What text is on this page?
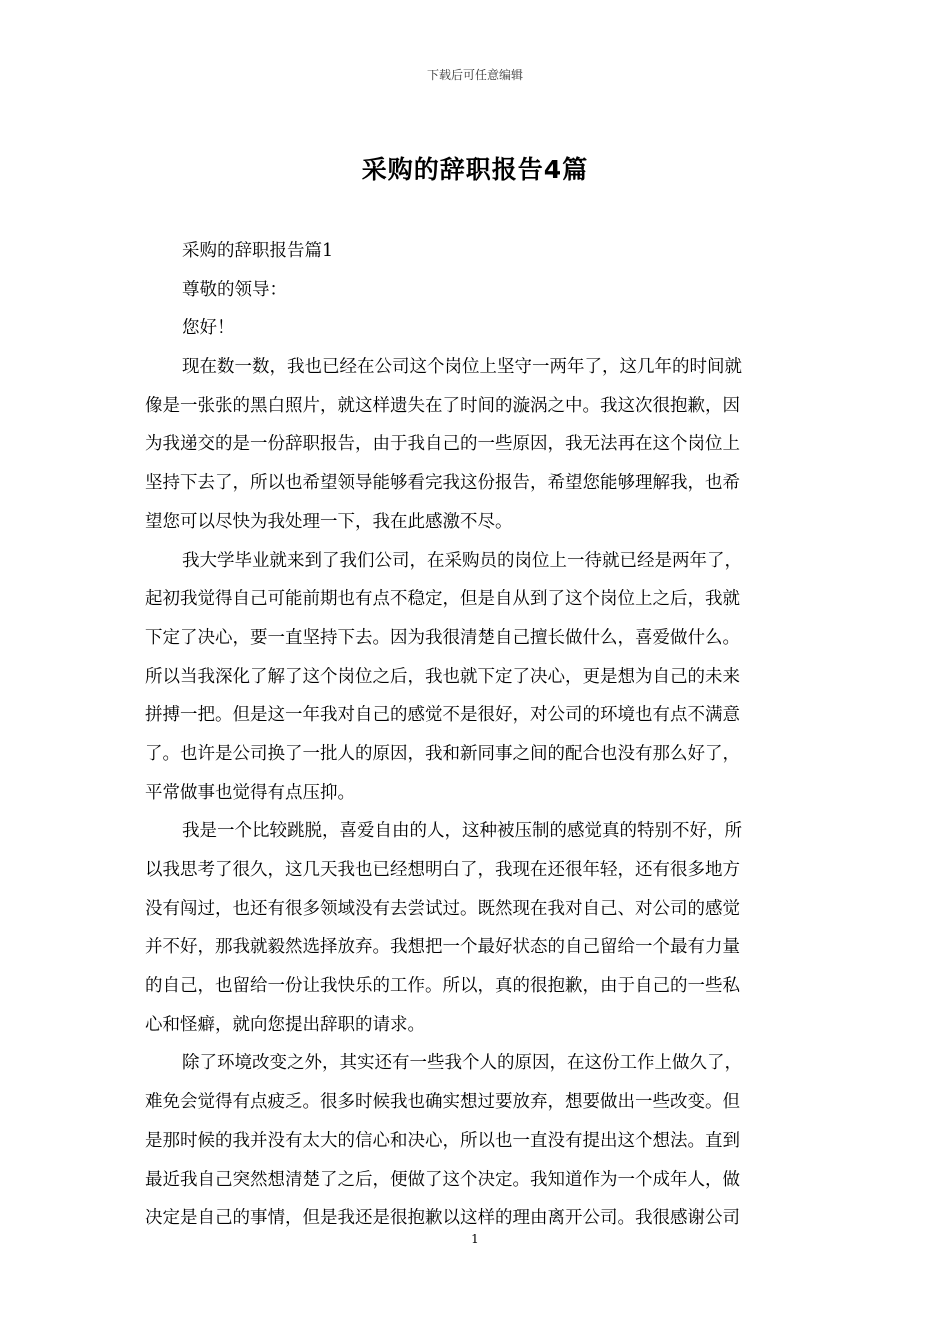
下载后可任意编辑
采购的辞职报告4篇
采购的辞职报告篇1
尊敬的领导：
您好！
现在数一数，我也已经在公司这个岗位上坚守一两年了，这几年的时间就
像是一张张的黑白照片，就这样遗失在了时间的漩涡之中。我这次很抱歉，因
为我递交的是一份辞职报告，由于我自己的一些原因，我无法再在这个岗位上
坚持下去了，所以也希望领导能够看完我这份报告，希望您能够理解我，也希
望您可以尽快为我处理一下，我在此感激不尽。
我大学毕业就来到了我们公司，在采购员的岗位上一待就已经是两年了，
起初我觉得自己可能前期也有点不稳定，但是自从到了这个岗位上之后，我就
下定了决心，要一直坚持下去。因为我很清楚自己擅长做什么，喜爱做什么。
所以当我深化了解了这个岗位之后，我也就下定了决心，更是想为自己的未来
拼搏一把。但是这一年我对自己的感觉不是很好，对公司的环境也有点不满意
了。也许是公司换了一批人的原因，我和新同事之间的配合也没有那么好了，
平常做事也觉得有点压抑。
我是一个比较跳脱，喜爱自由的人，这种被压制的感觉真的特别不好，所
以我思考了很久，这几天我也已经想明白了，我现在还很年轻，还有很多地方
没有闯过，也还有很多领域没有去尝试过。既然现在我对自己、对公司的感觉
并不好，那我就毅然选择放弃。我想把一个最好状态的自己留给一个最有力量
的自己，也留给一份让我快乐的工作。所以，真的很抱歉，由于自己的一些私
心和怪癖，就向您提出辞职的请求。
除了环境改变之外，其实还有一些我个人的原因，在这份工作上做久了，
难免会觉得有点疲乏。很多时候我也确实想过要放弃，想要做出一些改变。但
是那时候的我并没有太大的信心和决心，所以也一直没有提出这个想法。直到
最近我自己突然想清楚了之后，便做了这个决定。我知道作为一个成年人，做
决定是自己的事情，但是我还是很抱歉以这样的理由离开公司。我很感谢公司
1
